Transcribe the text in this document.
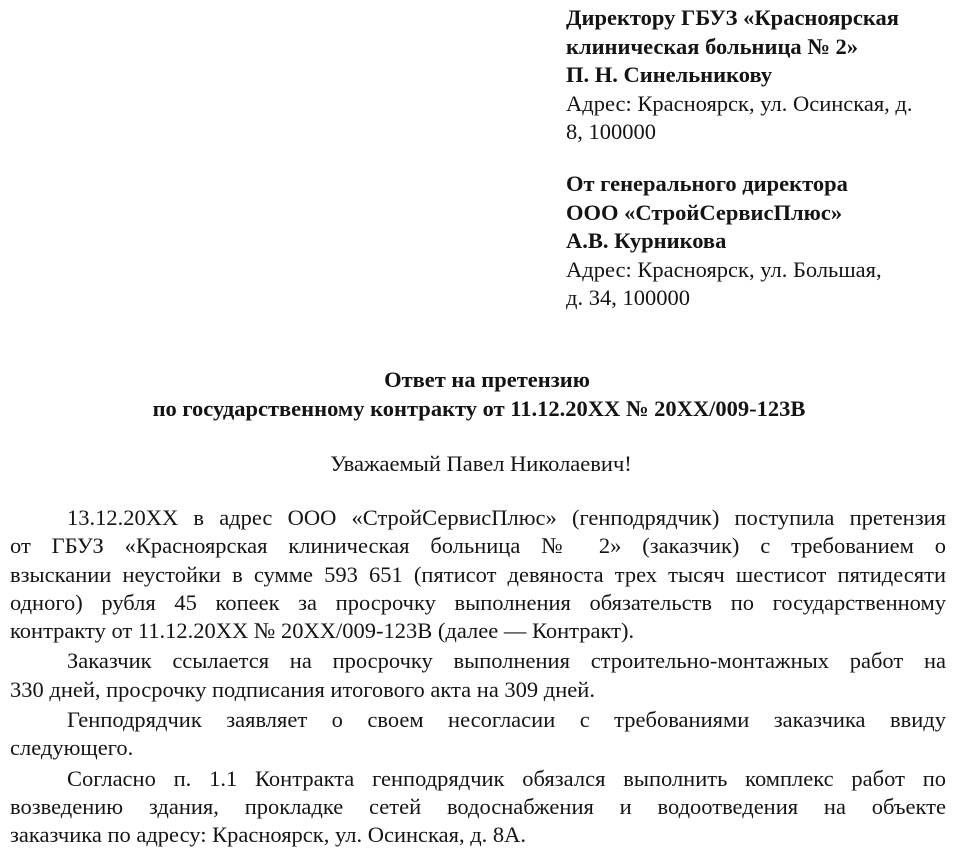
Директору ГБУЗ «Красноярская
клиническая больница № 2»
П. Н. Синельникову
Адрес: Красноярск, ул. Осинская, д.
8, 100000
От генерального директора
ООО «СтройСервисПлюс»
А.В. Курникова
Адрес: Красноярск, ул. Большая,
д. 34, 100000
Ответ на претензию
по государственному контракту от 11.12.20ХХ № 20ХХ/009-123В
Уважаемый Павел Николаевич!
13.12.20ХХ в адрес ООО «СтройСервисПлюс» (генподрядчик) поступила претензия
от ГБУЗ «Красноярская клиническая больница № 2» (заказчик) с требованием о
взыскании неустойки в сумме 593 651 (пятисот девяноста трех тысяч шестисот пятидесяти
одного) рубля 45 копеек за просрочку выполнения обязательств по государственному
контракту от 11.12.20ХХ № 20ХХ/009-123В (далее — Контракт).
Заказчик ссылается на просрочку выполнения строительно-монтажных работ на
330 дней, просрочку подписания итогового акта на 309 дней.
Генподрядчик заявляет о своем несогласии с требованиями заказчика ввиду
следующего.
Согласно п. 1.1 Контракта генподрядчик обязался выполнить комплекс работ по
возведению здания, прокладке сетей водоснабжения и водоотведения на объекте
заказчика по адресу: Красноярск, ул. Осинская, д. 8А.
